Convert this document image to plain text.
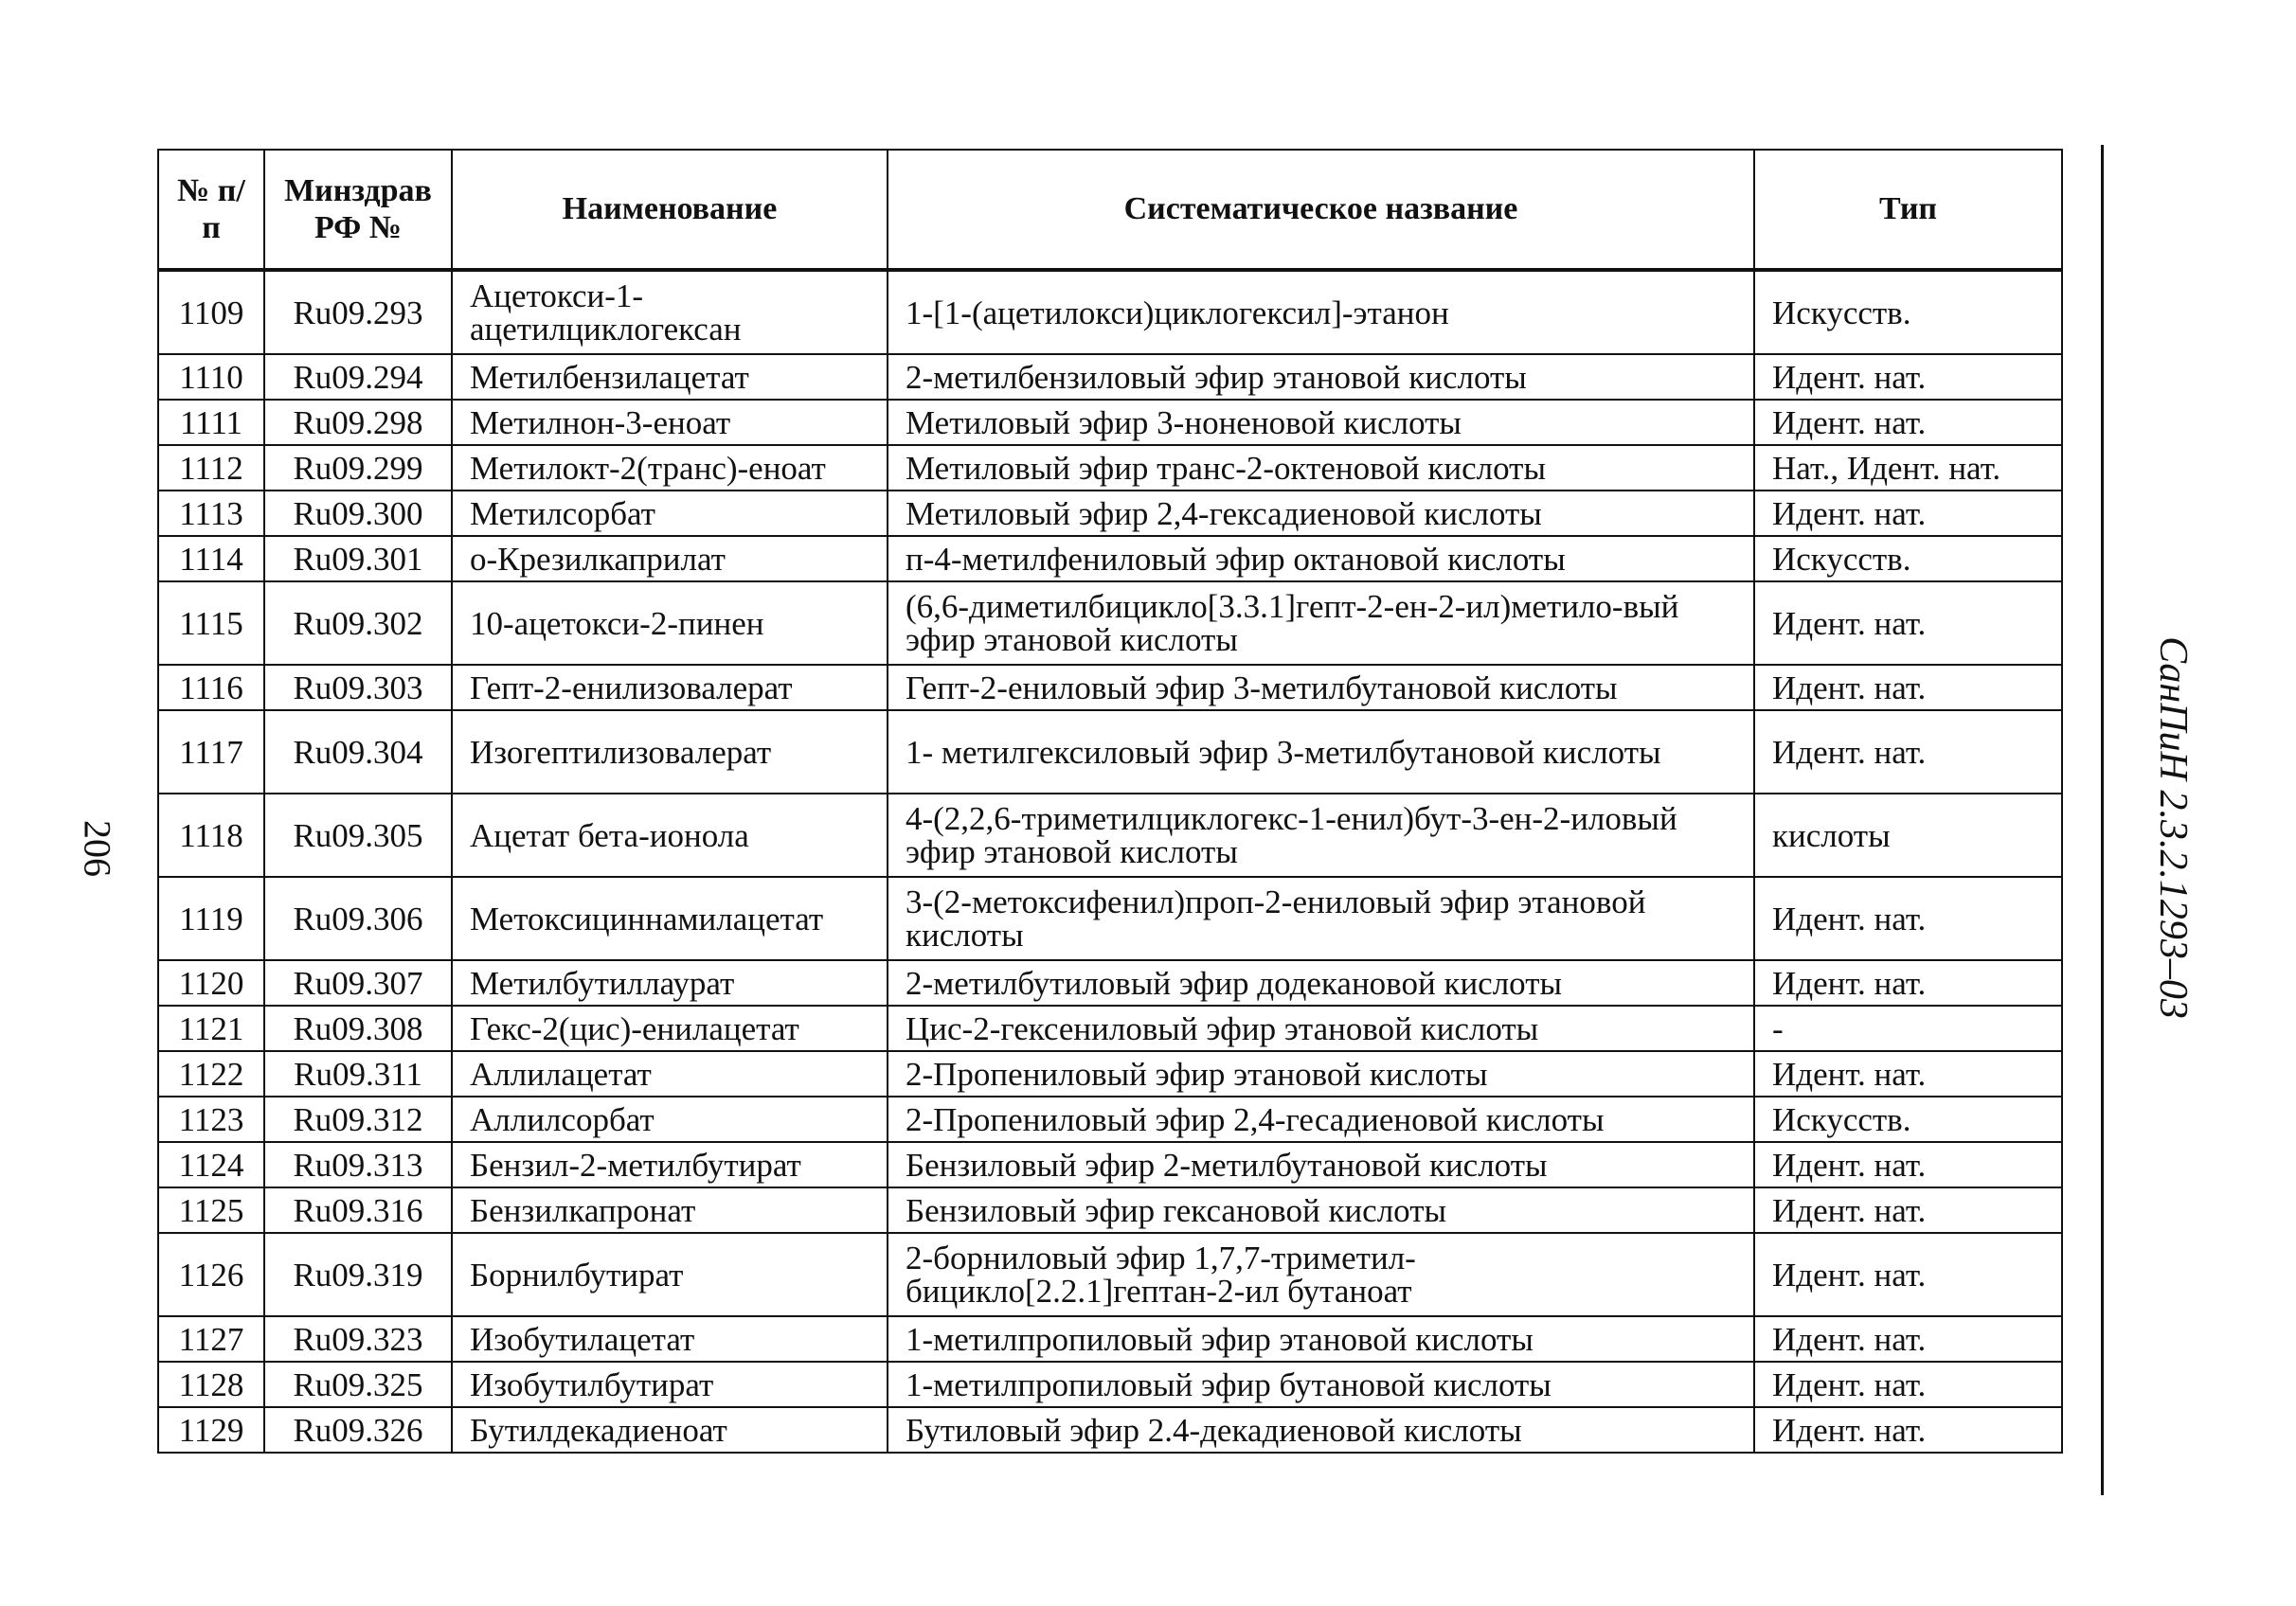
206
№ п/п	Минздрав РФ №	Наименование	Систематическое название	Тип
1109	Ru09.293	Ацетокси-1-ацетилциклогексан	1-[1-(ацетилокси)циклогексил]-этанон	Искусств.
1110	Ru09.294	Метилбензилацетат	2-метилбензиловый эфир этановой кислоты	Идент. нат.
1111	Ru09.298	Метилнон-3-еноат	Метиловый эфир 3-ноненовой кислоты	Идент. нат.
1112	Ru09.299	Метилокт-2(транс)-еноат	Метиловый эфир транс-2-октеновой кислоты	Нат., Идент. нат.
1113	Ru09.300	Метилсорбат	Метиловый эфир 2,4-гексадиеновой кислоты	Идент. нат.
1114	Ru09.301	о-Крезилкаприлат	п-4-метилфениловый эфир октановой кислоты	Искусств.
1115	Ru09.302	10-ацетокси-2-пинен	(6,6-диметилбицикло[3.3.1]гепт-2-ен-2-ил)метило-вый эфир этановой кислоты	Идент. нат.
1116	Ru09.303	Гепт-2-енилизовалерат	Гепт-2-ениловый эфир 3-метилбутановой кислоты	Идент. нат.
1117	Ru09.304	Изогептилизовалерат	1- метилгексиловый эфир 3-метилбутановой кислоты	Идент. нат.
1118	Ru09.305	Ацетат бета-ионола	4-(2,2,6-триметилциклогекс-1-енил)бут-3-ен-2-иловый эфир этановой кислоты	кислоты
1119	Ru09.306	Метоксициннамилацетат	3-(2-метоксифенил)проп-2-ениловый эфир этановой кислоты	Идент. нат.
1120	Ru09.307	Метилбутиллаурат	2-метилбутиловый эфир додекановой кислоты	Идент. нат.
1121	Ru09.308	Гекс-2(цис)-енилацетат	Цис-2-гексениловый эфир этановой кислоты	-
1122	Ru09.311	Аллилацетат	2-Пропениловый эфир этановой кислоты	Идент. нат.
1123	Ru09.312	Аллилсорбат	2-Пропениловый эфир 2,4-гесадиеновой кислоты	Искусств.
1124	Ru09.313	Бензил-2-метилбутират	Бензиловый эфир 2-метилбутановой кислоты	Идент. нат.
1125	Ru09.316	Бензилкапронат	Бензиловый эфир гексановой кислоты	Идент. нат.
1126	Ru09.319	Борнилбутират	2-борниловый эфир 1,7,7-триметил-бицикло[2.2.1]гептан-2-ил бутаноат	Идент. нат.
1127	Ru09.323	Изобутилацетат	1-метилпропиловый эфир этановой кислоты	Идент. нат.
1128	Ru09.325	Изобутилбутират	1-метилпропиловый эфир бутановой кислоты	Идент. нат.
1129	Ru09.326	Бутилдекадиеноат	Бутиловый эфир 2.4-декадиеновой кислоты	Идент. нат.
СанПиН 2.3.2.1293–03
